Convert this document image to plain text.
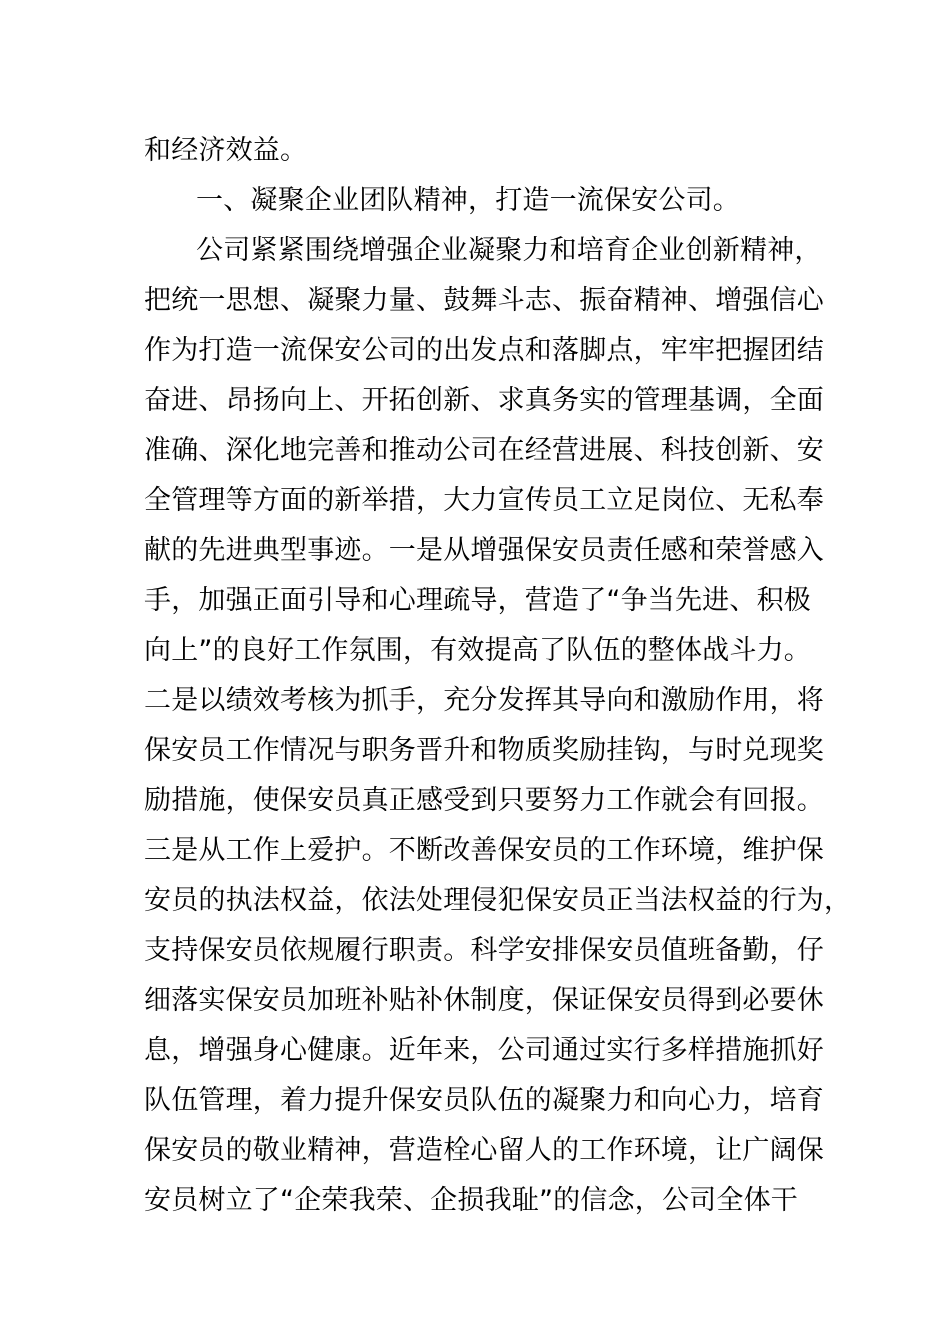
和经济效益。
一、凝聚企业团队精神，打造一流保安公司。
公司紧紧围绕增强企业凝聚力和培育企业创新精神，
把统一思想、凝聚力量、鼓舞斗志、振奋精神、增强信心
作为打造一流保安公司的出发点和落脚点，牢牢把握团结
奋进、昂扬向上、开拓创新、求真务实的管理基调，全面
准确、深化地完善和推动公司在经营进展、科技创新、安
全管理等方面的新举措，大力宣传员工立足岗位、无私奉
献的先进典型事迹。一是从增强保安员责任感和荣誉感入
手，加强正面引导和心理疏导，营造了“争当先进、积极
向上”的良好工作氛围，有效提高了队伍的整体战斗力。
二是以绩效考核为抓手，充分发挥其导向和激励作用，将
保安员工作情况与职务晋升和物质奖励挂钩，与时兑现奖
励措施，使保安员真正感受到只要努力工作就会有回报。
三是从工作上爱护。不断改善保安员的工作环境，维护保
安员的执法权益，依法处理侵犯保安员正当法权益的行为，
支持保安员依规履行职责。科学安排保安员值班备勤，仔
细落实保安员加班补贴补休制度，保证保安员得到必要休
息，增强身心健康。近年来，公司通过实行多样措施抓好
队伍管理，着力提升保安员队伍的凝聚力和向心力，培育
保安员的敬业精神，营造栓心留人的工作环境，让广阔保
安员树立了“企荣我荣、企损我耻”的信念，公司全体干
